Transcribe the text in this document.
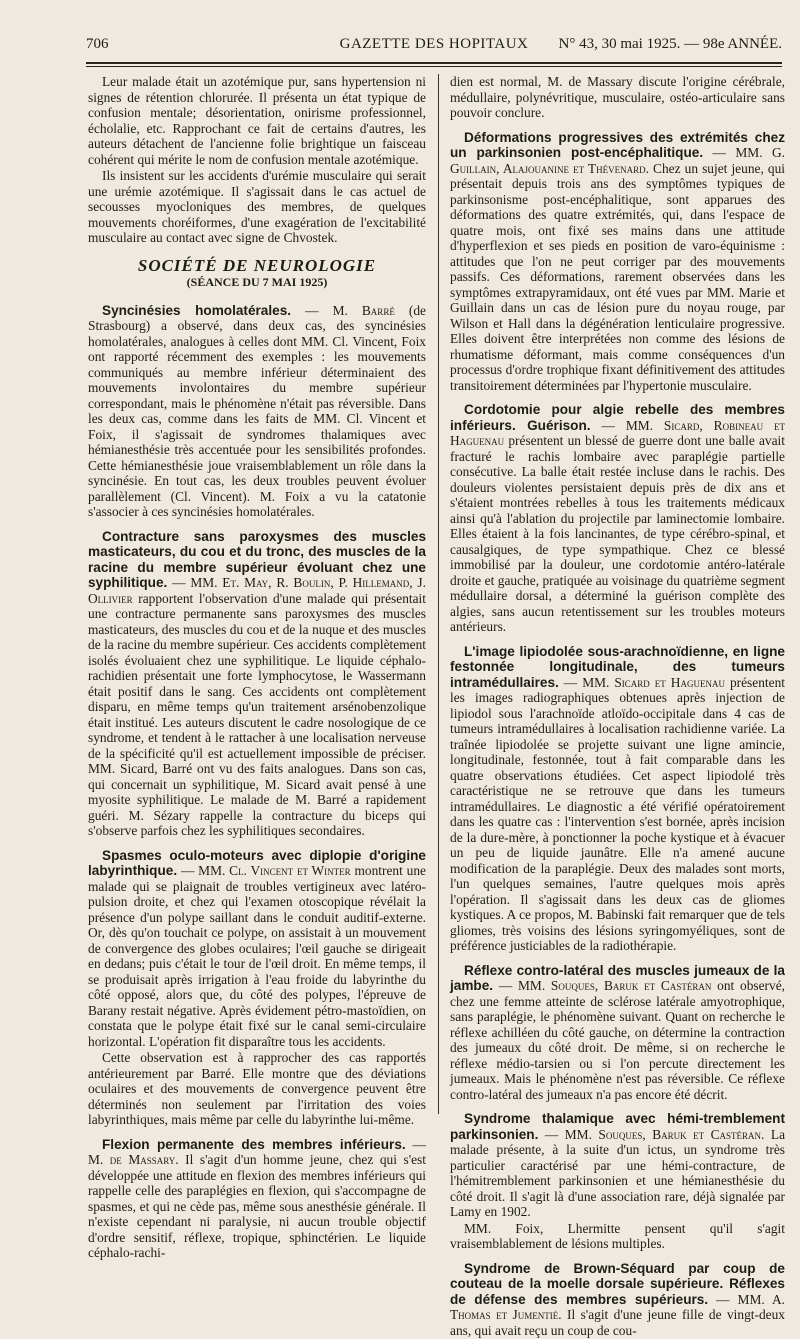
706	GAZETTE DES HOPITAUX	N° 43, 30 mai 1925. — 98e ANNÉE.

Leur malade était un azotémique pur, sans hypertension ni signes de rétention chlorurée. Il présenta un état typique de confusion mentale; désorientation, onirisme professionnel, écholalie, etc. Rapprochant ce fait de certains d'autres, les auteurs détachent de l'ancienne folie brightique un faisceau cohérent qui mérite le nom de confusion mentale azotémique.

Ils insistent sur les accidents d'urémie musculaire qui serait une urémie azotémique. Il s'agissait dans le cas actuel de secousses myocloniques des membres, de quelques mouvements choréiformes, d'une exagération de l'excitabilité musculaire au contact avec signe de Chvostek.

SOCIÉTÉ DE NEUROLOGIE
(SÉANCE DU 7 MAI 1925)

Syncinésies homolatérales. — M. Barré (de Strasbourg) a observé, dans deux cas, des syncinésies homolatérales, analogues à celles dont MM. Cl. Vincent, Foix ont rapporté récemment des exemples : les mouvements communiqués au membre inférieur déterminaient des mouvements involontaires du membre supérieur correspondant, mais le phénomène n'était pas réversible. Dans les deux cas, comme dans les faits de MM. Cl. Vincent et Foix, il s'agissait de syndromes thalamiques avec hémianesthésie très accentuée pour les sensibilités profondes. Cette hémianesthésie joue vraisemblablement un rôle dans la syncinésie. En tout cas, les deux troubles peuvent évoluer parallèlement (Cl. Vincent). M. Foix a vu la catatonie s'associer à ces syncinésies homolatérales.

Contracture sans paroxysmes des muscles masticateurs, du cou et du tronc, des muscles de la racine du membre supérieur évoluant chez une syphilitique. — MM. Et. May, R. Boulin, P. Hillemand, J. Ollivier rapportent l'observation d'une malade qui présentait une contracture permanente sans paroxysmes des muscles masticateurs, des muscles du cou et de la nuque et des muscles de la racine du membre supérieur. Ces accidents complètement isolés évoluaient chez une syphilitique. Le liquide céphalo-rachidien présentait une forte lymphocytose, le Wassermann était positif dans le sang. Ces accidents ont complètement disparu, en même temps qu'un traitement arsénobenzolique était institué. Les auteurs discutent le cadre nosologique de ce syndrome, et tendent à le rattacher à une localisation nerveuse de la spécificité qu'il est actuellement impossible de préciser. MM. Sicard, Barré ont vu des faits analogues. Dans son cas, qui concernait un syphilitique, M. Sicard avait pensé à une myosite syphilitique. Le malade de M. Barré a rapidement guéri. M. Sézary rappelle la contracture du biceps qui s'observe parfois chez les syphilitiques secondaires.

Spasmes oculo-moteurs avec diplopie d'origine labyrinthique. — MM. Cl. Vincent et Winter montrent une malade qui se plaignait de troubles vertigineux avec latéro-pulsion droite, et chez qui l'examen otoscopique révélait la présence d'un polype saillant dans le conduit auditif-externe. Or, dès qu'on touchait ce polype, on assistait à un mouvement de convergence des globes oculaires; l'œil gauche se dirigeait en dedans; puis c'était le tour de l'œil droit. En même temps, il se produisait après irrigation à l'eau froide du labyrinthe du côté opposé, alors que, du côté des polypes, l'épreuve de Barany restait négative. Après évidement pétro-mastoïdien, on constata que le polype était fixé sur le canal semi-circulaire horizontal. L'opération fit disparaître tous les accidents.

Cette observation est à rapprocher des cas rapportés antérieurement par Barré. Elle montre que des déviations oculaires et des mouvements de convergence peuvent être déterminés non seulement par l'irritation des voies labyrinthiques, mais même par celle du labyrinthe lui-même.

Flexion permanente des membres inférieurs. — M. de Massary. Il s'agit d'un homme jeune, chez qui s'est développée une attitude en flexion des membres inférieurs qui rappelle celle des paraplégies en flexion, qui s'accompagne de spasmes, et qui ne cède pas, même sous anesthésie générale. Il n'existe cependant ni paralysie, ni aucun trouble objectif d'ordre sensitif, réflexe, tropique, sphinctérien. Le liquide céphalo-rachi-

dien est normal, M. de Massary discute l'origine cérébrale, médullaire, polynévritique, musculaire, ostéo-articulaire sans pouvoir conclure.

Déformations progressives des extrémités chez un parkinsonien post-encéphalitique. — MM. G. Guillain, Alajouanine et Thévenard. Chez un sujet jeune, qui présentait depuis trois ans des symptômes typiques de parkinsonisme post-encéphalitique, sont apparues des déformations des quatre extrémités, qui, dans l'espace de quatre mois, ont fixé ses mains dans une attitude d'hyperflexion et ses pieds en position de varo-équinisme : attitudes que l'on ne peut corriger par des mouvements passifs. Ces déformations, rarement observées dans les symptômes extrapyramidaux, ont été vues par MM. Marie et Guillain dans un cas de lésion pure du noyau rouge, par Wilson et Hall dans la dégénération lenticulaire progressive. Elles doivent être interprétées non comme des lésions de rhumatisme déformant, mais comme conséquences d'un processus d'ordre trophique fixant définitivement des attitudes transitoirement déterminées par l'hypertonie musculaire.

Cordotomie pour algie rebelle des membres inférieurs. Guérison. — MM. Sicard, Robineau et Haguenau présentent un blessé de guerre dont une balle avait fracturé le rachis lombaire avec paraplégie partielle consécutive. La balle était restée incluse dans le rachis. Des douleurs violentes persistaient depuis près de dix ans et s'étaient montrées rebelles à tous les traitements médicaux ainsi qu'à l'ablation du projectile par laminectomie lombaire. Elles étaient à la fois lancinantes, de type cérébro-spinal, et causalgiques, de type sympathique. Chez ce blessé immobilisé par la douleur, une cordotomie antéro-latérale droite et gauche, pratiquée au voisinage du quatrième segment médullaire dorsal, a déterminé la guérison complète des algies, sans aucun retentissement sur les troubles moteurs antérieurs.

L'image lipiodolée sous-arachnoïdienne, en ligne festonnée longitudinale, des tumeurs intramédullaires. — MM. Sicard et Haguenau présentent les images radiographiques obtenues après injection de lipiodol sous l'arachnoïde atloïdo-occipitale dans 4 cas de tumeurs intramédullaires à localisation rachidienne variée. La traînée lipiodolée se projette suivant une ligne amincie, longitudinale, festonnée, tout à fait comparable dans les quatre observations étudiées. Cet aspect lipiodolé très caractéristique ne se retrouve que dans les tumeurs intramédullaires. Le diagnostic a été vérifié opératoirement dans les quatre cas : l'intervention s'est bornée, après incision de la dure-mère, à ponctionner la poche kystique et à évacuer un peu de liquide jaunâtre. Elle n'a amené aucune modification de la paraplégie. Deux des malades sont morts, l'un quelques semaines, l'autre quelques mois après l'opération. Il s'agissait dans les deux cas de gliomes kystiques. A ce propos, M. Babinski fait remarquer que de tels gliomes, très voisins des lésions syringomyéliques, sont de préférence justiciables de la radiothérapie.

Réflexe contro-latéral des muscles jumeaux de la jambe. — MM. Souques, Baruk et Castéran ont observé, chez une femme atteinte de sclérose latérale amyotrophique, sans paraplégie, le phénomène suivant. Quant on recherche le réflexe achilléen du côté gauche, on détermine la contraction des jumeaux du côté droit. De même, si on recherche le réflexe médio-tarsien ou si l'on percute directement les jumeaux. Mais le phénomène n'est pas réversible. Ce réflexe contro-latéral des jumeaux n'a pas encore été décrit.

Syndrome thalamique avec hémi-tremblement parkinsonien. — MM. Souques, Baruk et Castéran. La malade présente, à la suite d'un ictus, un syndrome très particulier caractérisé par une hémi-contracture, de l'hémitremblement parkinsonien et une hémianesthésie du côté droit. Il s'agit là d'une association rare, déjà signalée par Lamy en 1902.

MM. Foix, Lhermitte pensent qu'il s'agit vraisemblablement de lésions multiples.

Syndrome de Brown-Séquard par coup de couteau de la moelle dorsale supérieure. Réflexes de défense des membres supérieurs. — MM. A. Thomas et Jumentié. Il s'agit d'une jeune fille de vingt-deux ans, qui avait reçu un coup de cou-
